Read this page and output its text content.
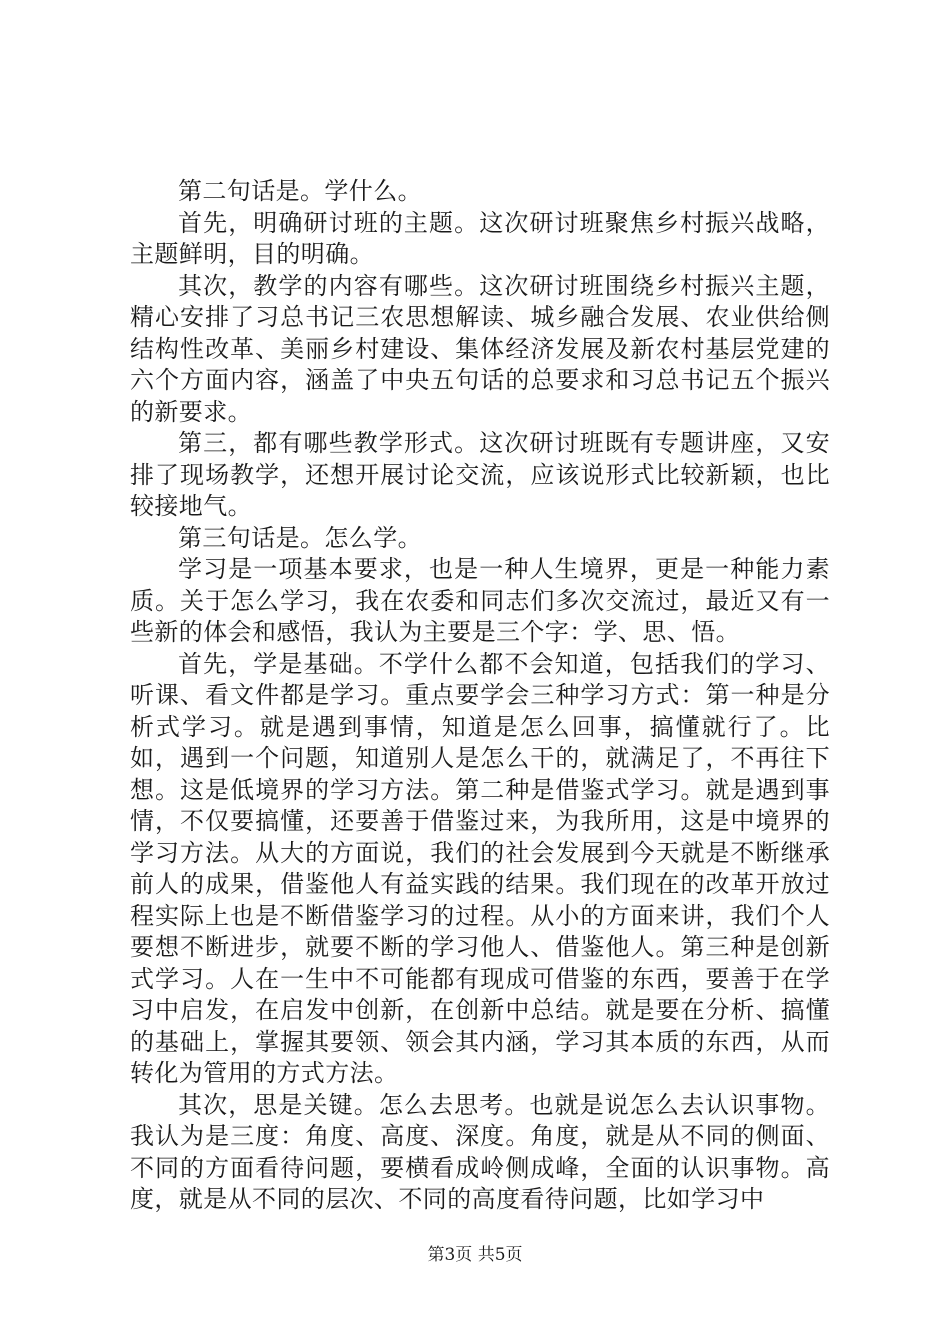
第二句话是。学什么。

首先，明确研讨班的主题。这次研讨班聚焦乡村振兴战略，主题鲜明，目的明确。

其次，教学的内容有哪些。这次研讨班围绕乡村振兴主题，精心安排了习总书记三农思想解读、城乡融合发展、农业供给侧结构性改革、美丽乡村建设、集体经济发展及新农村基层党建的六个方面内容，涵盖了中央五句话的总要求和习总书记五个振兴的新要求。

第三，都有哪些教学形式。这次研讨班既有专题讲座，又安排了现场教学，还想开展讨论交流，应该说形式比较新颖，也比较接地气。

第三句话是。怎么学。

学习是一项基本要求，也是一种人生境界，更是一种能力素质。关于怎么学习，我在农委和同志们多次交流过，最近又有一些新的体会和感悟，我认为主要是三个字：学、思、悟。

首先，学是基础。不学什么都不会知道，包括我们的学习、听课、看文件都是学习。重点要学会三种学习方式：第一种是分析式学习。就是遇到事情，知道是怎么回事，搞懂就行了。比如，遇到一个问题，知道别人是怎么干的，就满足了，不再往下想。这是低境界的学习方法。第二种是借鉴式学习。就是遇到事情，不仅要搞懂，还要善于借鉴过来，为我所用，这是中境界的学习方法。从大的方面说，我们的社会发展到今天就是不断继承前人的成果，借鉴他人有益实践的结果。我们现在的改革开放过程实际上也是不断借鉴学习的过程。从小的方面来讲，我们个人要想不断进步，就要不断的学习他人、借鉴他人。第三种是创新式学习。人在一生中不可能都有现成可借鉴的东西，要善于在学习中启发，在启发中创新，在创新中总结。就是要在分析、搞懂的基础上，掌握其要领、领会其内涵，学习其本质的东西，从而转化为管用的方式方法。

其次，思是关键。怎么去思考。也就是说怎么去认识事物。我认为是三度：角度、高度、深度。角度，就是从不同的侧面、不同的方面看待问题，要横看成岭侧成峰，全面的认识事物。高度，就是从不同的层次、不同的高度看待问题，比如学习中

第3页 共5页
